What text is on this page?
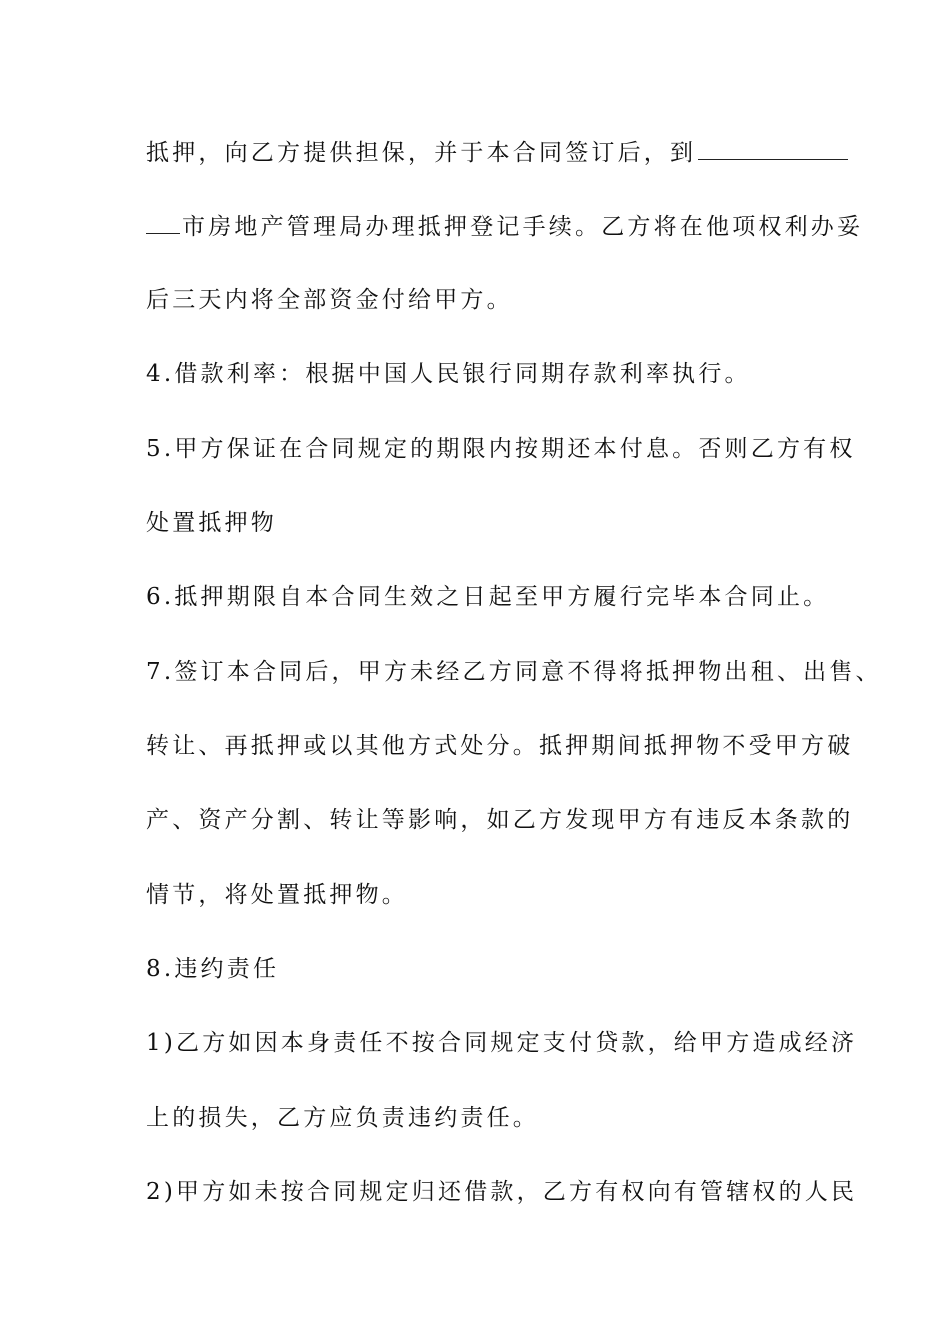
抵押，向乙方提供担保，并于本合同签订后，到
市房地产管理局办理抵押登记手续。乙方将在他项权利办妥
后三天内将全部资金付给甲方。
4.借款利率：根据中国人民银行同期存款利率执行。
5.甲方保证在合同规定的期限内按期还本付息。否则乙方有权
处置抵押物
6.抵押期限自本合同生效之日起至甲方履行完毕本合同止。
7.签订本合同后，甲方未经乙方同意不得将抵押物出租、出售、
转让、再抵押或以其他方式处分。抵押期间抵押物不受甲方破
产、资产分割、转让等影响，如乙方发现甲方有违反本条款的
情节，将处置抵押物。
8.违约责任
1)乙方如因本身责任不按合同规定支付贷款，给甲方造成经济
上的损失，乙方应负责违约责任。
2)甲方如未按合同规定归还借款，乙方有权向有管辖权的人民
